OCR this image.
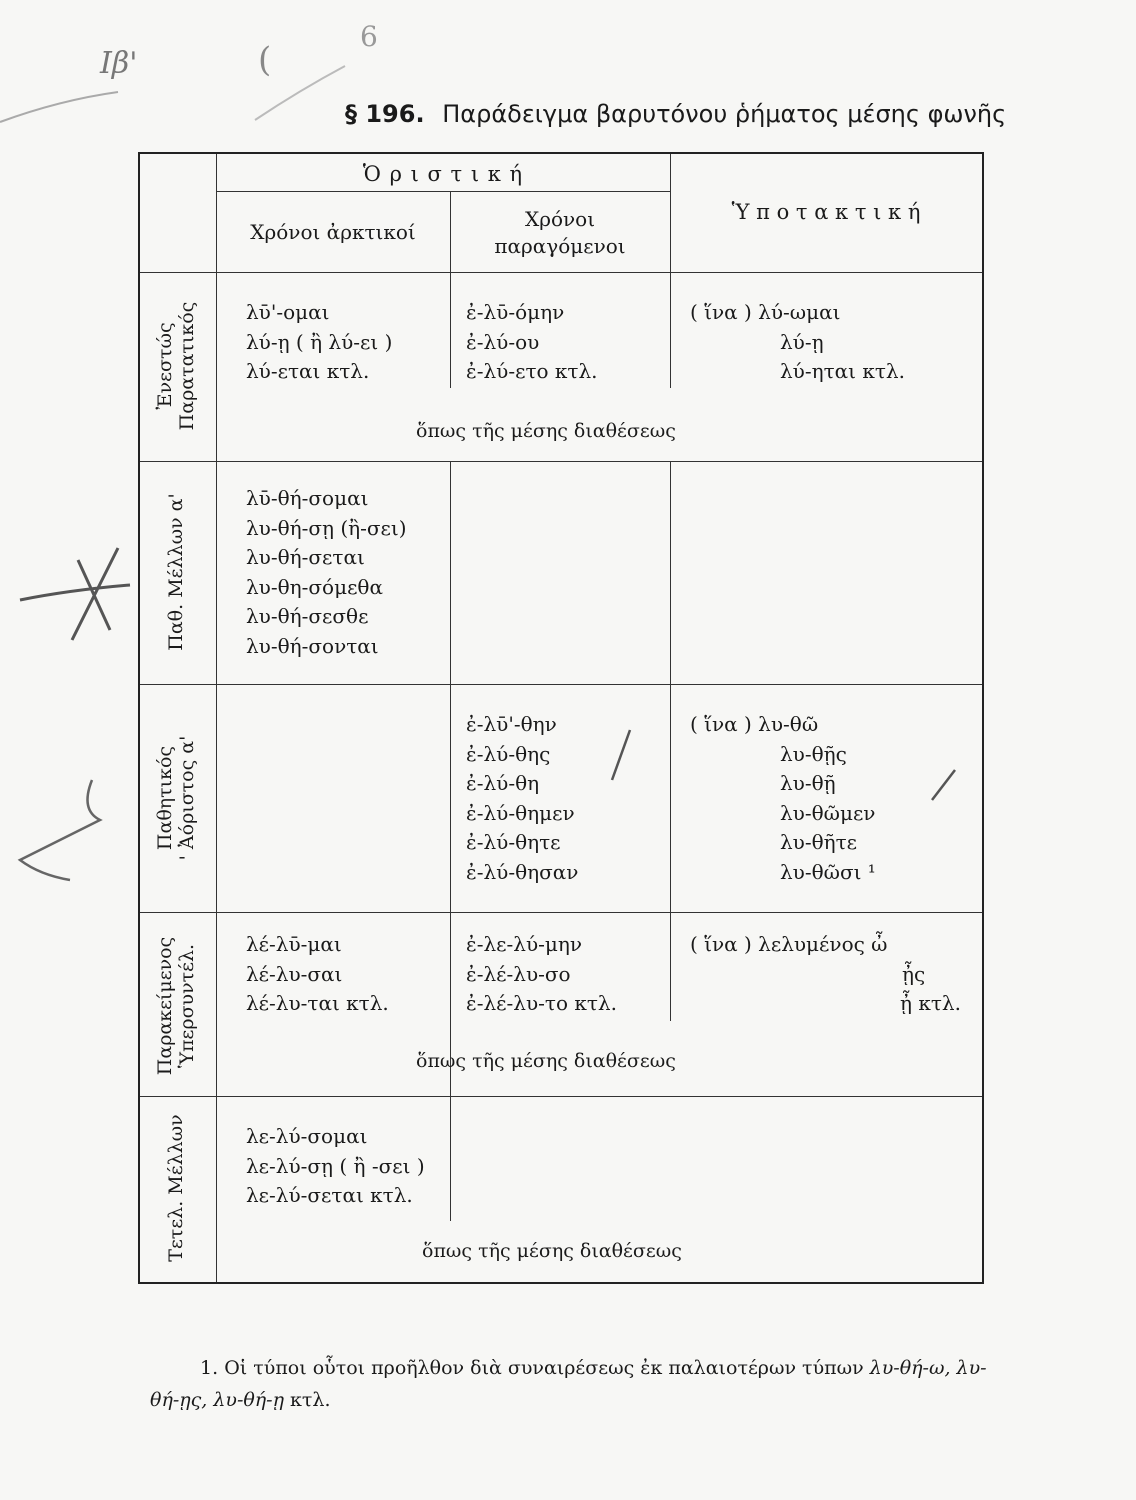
Ιβ'	(
6
§ 196. Παράδειγμα βαρυτόνου ῥήματος μέσης φωνῆς
Ὁ ρ ι σ τ ι κ ή
Χρόνοι ἀρκτικοί
Χρόνοι
παραγόμενοι
Ὑ π ο τ α κ τ ι κ ή
Ἐνεστώς Παρατατικός
Παθ. Μέλλων α'
Παθητικός ' Ἀόριστος α'
Παρακείμενος Ὑπερσυντέλ.
Τετελ. Μέλλων
λῡ'-ομαι
λύ-ῃ ( ἢ λύ-ει )
λύ-εται κτλ.
ἐ-λῡ-όμην
ἐ-λύ-ου
ἐ-λύ-ετο κτλ.
( ἵνα ) λύ-ωμαι
λύ-ῃ
λύ-ηται κτλ.
ὅπως τῆς μέσης διαθέσεως
λῡ-θή-σομαι
λυ-θή-σῃ (ἢ-σει)
λυ-θή-σεται
λυ-θη-σόμεθα
λυ-θή-σεσθε
λυ-θή-σονται
ἐ-λῡ'-θην
ἐ-λύ-θης
ἐ-λύ-θη
ἐ-λύ-θημεν
ἐ-λύ-θητε
ἐ-λύ-θησαν
( ἵνα ) λυ-θῶ
λυ-θῇς
λυ-θῇ
λυ-θῶμεν
λυ-θῆτε
λυ-θῶσι ¹
λέ-λῡ-μαι
λέ-λυ-σαι
λέ-λυ-ται κτλ.
ἐ-λε-λύ-μην
ἐ-λέ-λυ-σο
ἐ-λέ-λυ-το κτλ.
( ἵνα ) λελυμένος ὦ
ᾖς
ᾖ κτλ.
ὅπως τῆς μέσης διαθέσεως
λε-λύ-σομαι
λε-λύ-σῃ ( ἢ -σει )
λε-λύ-σεται κτλ.
ὅπως τῆς μέσης διαθέσεως
1. Οἱ τύποι οὗτοι προῆλθον διὰ συναιρέσεως ἐκ παλαιοτέρων τύπων λυ-θή-ω, λυ-θή-ῃς, λυ-θή-ῃ κτλ.
